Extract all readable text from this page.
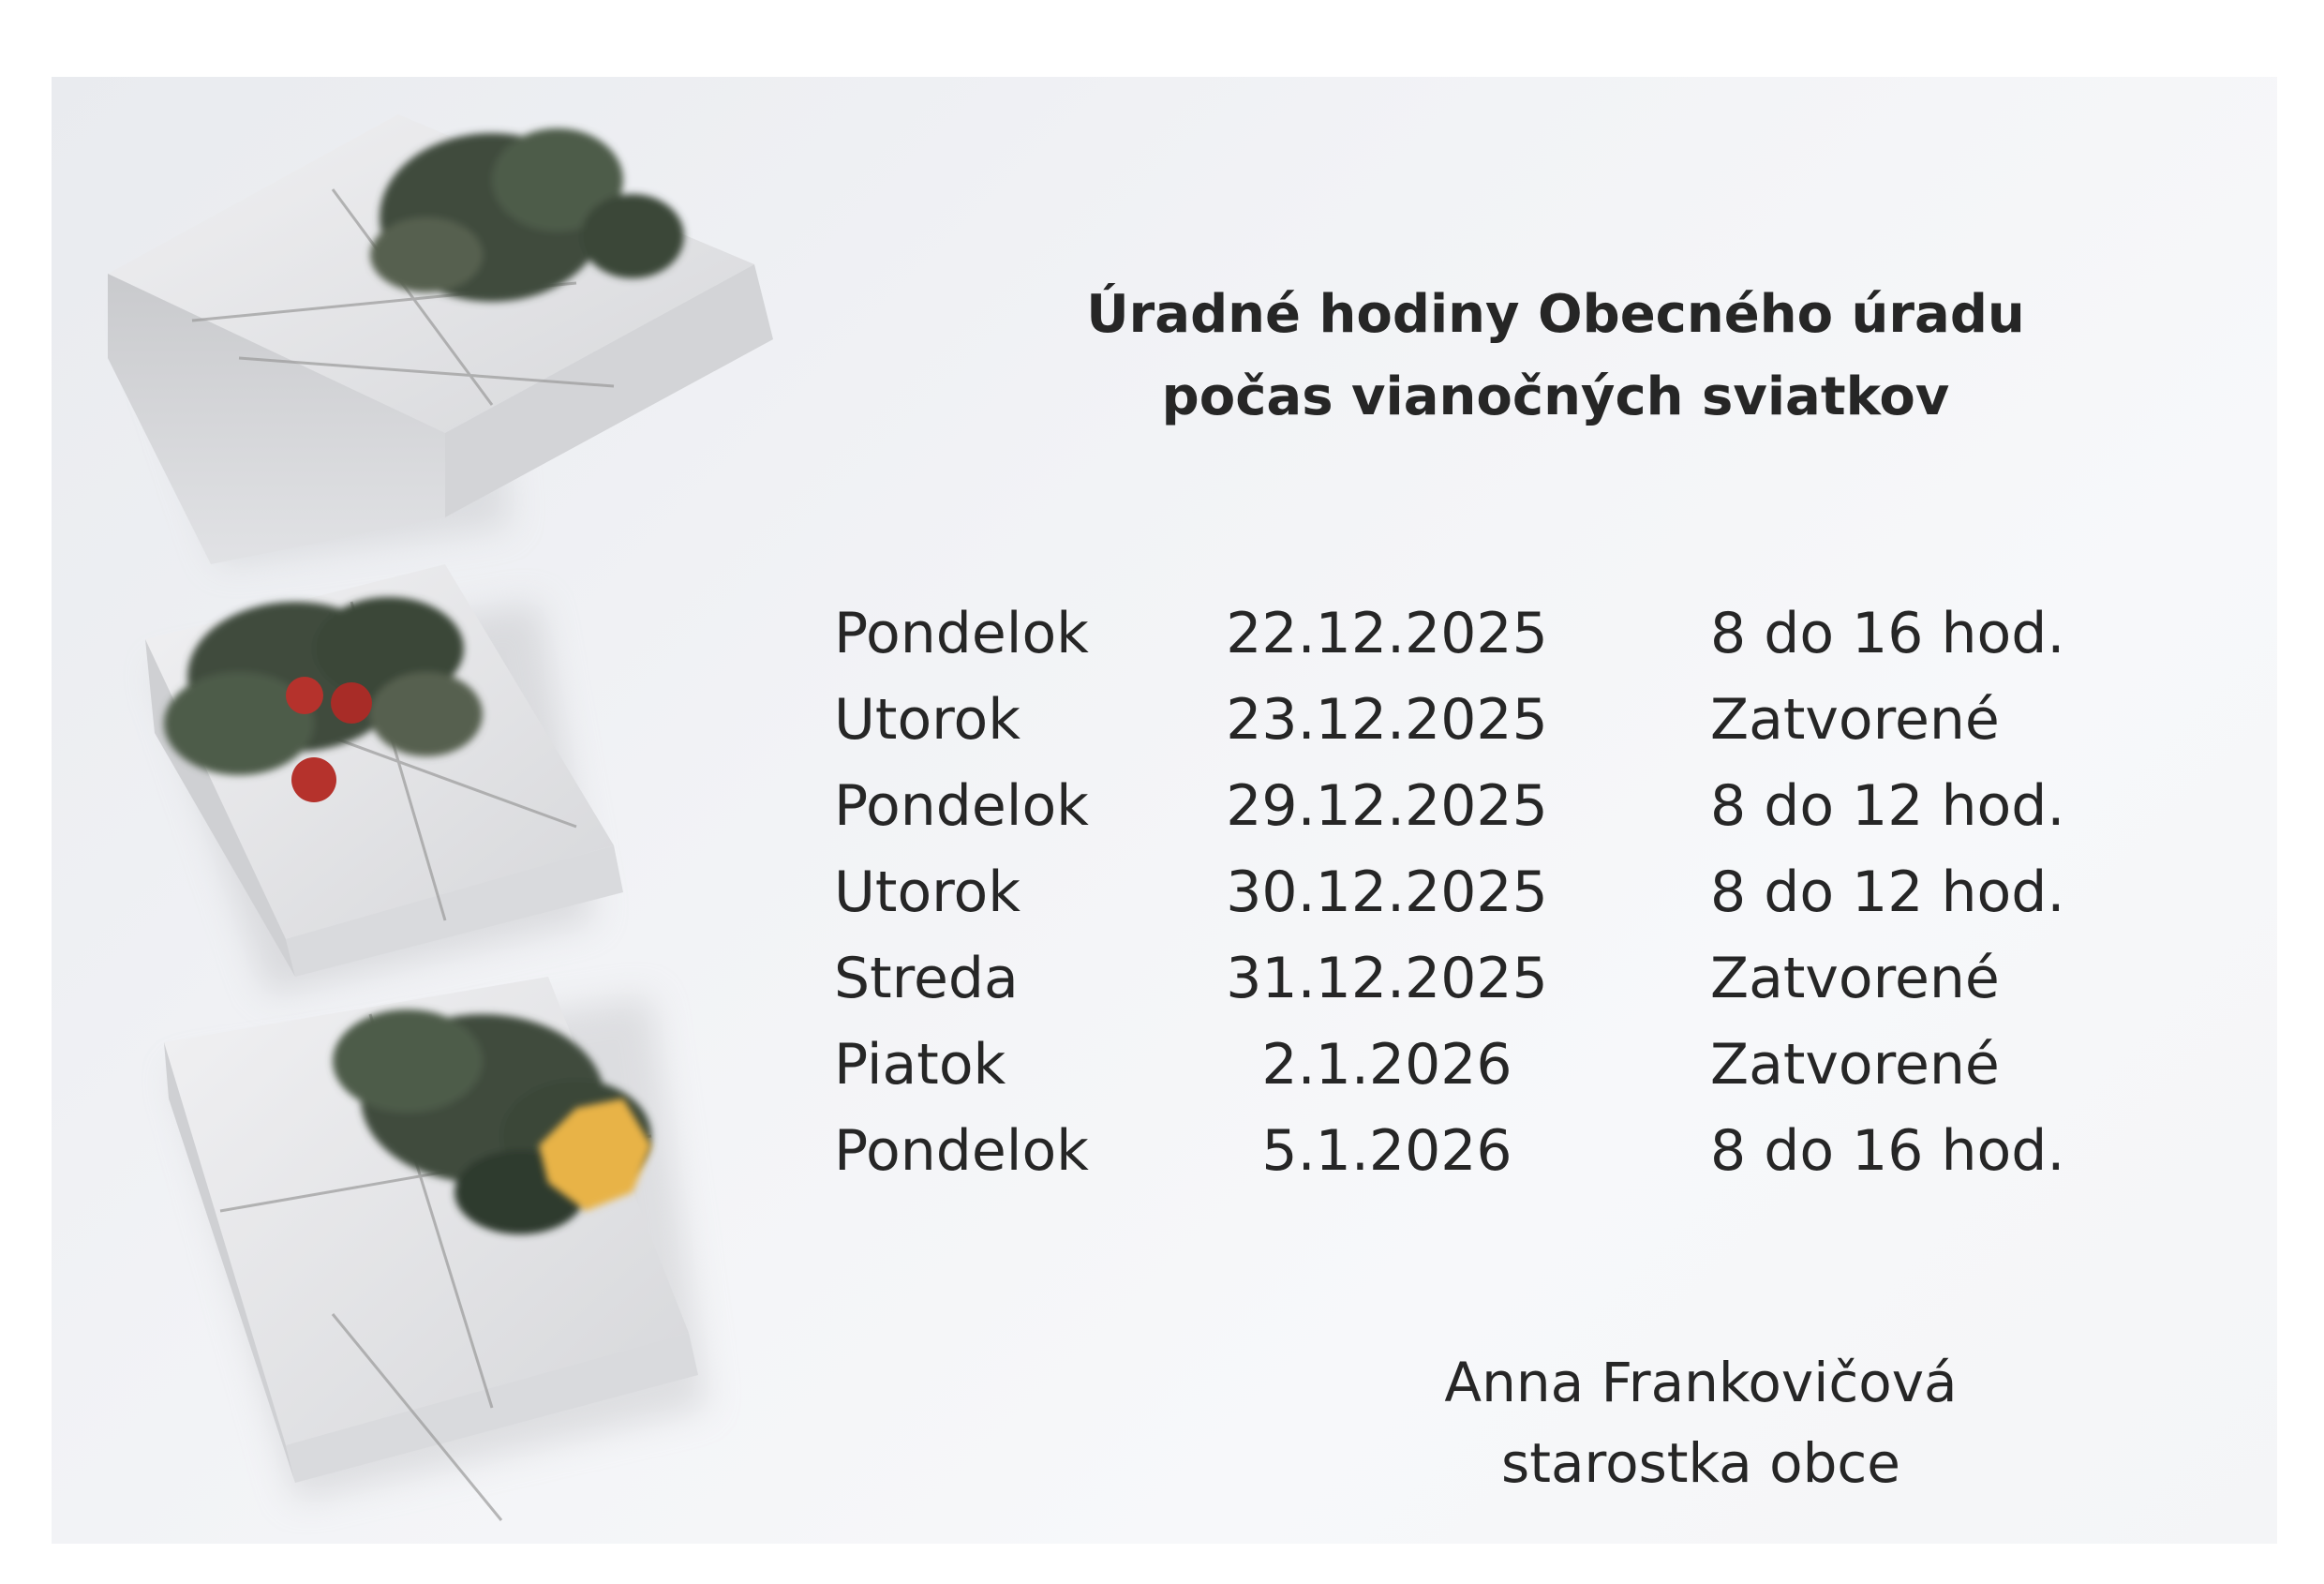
Úradné hodiny Obecného úradu
počas vianočných sviatkov
Pondelok	22.12.2025	8 do 16 hod.
Utorok	23.12.2025	Zatvorené
Pondelok	29.12.2025	8 do 12 hod.
Utorok	30.12.2025	8 do 12 hod.
Streda	31.12.2025	Zatvorené
Piatok	2.1.2026	Zatvorené
Pondelok	5.1.2026	8 do 16 hod.
Anna Frankovičová
starostka obce
